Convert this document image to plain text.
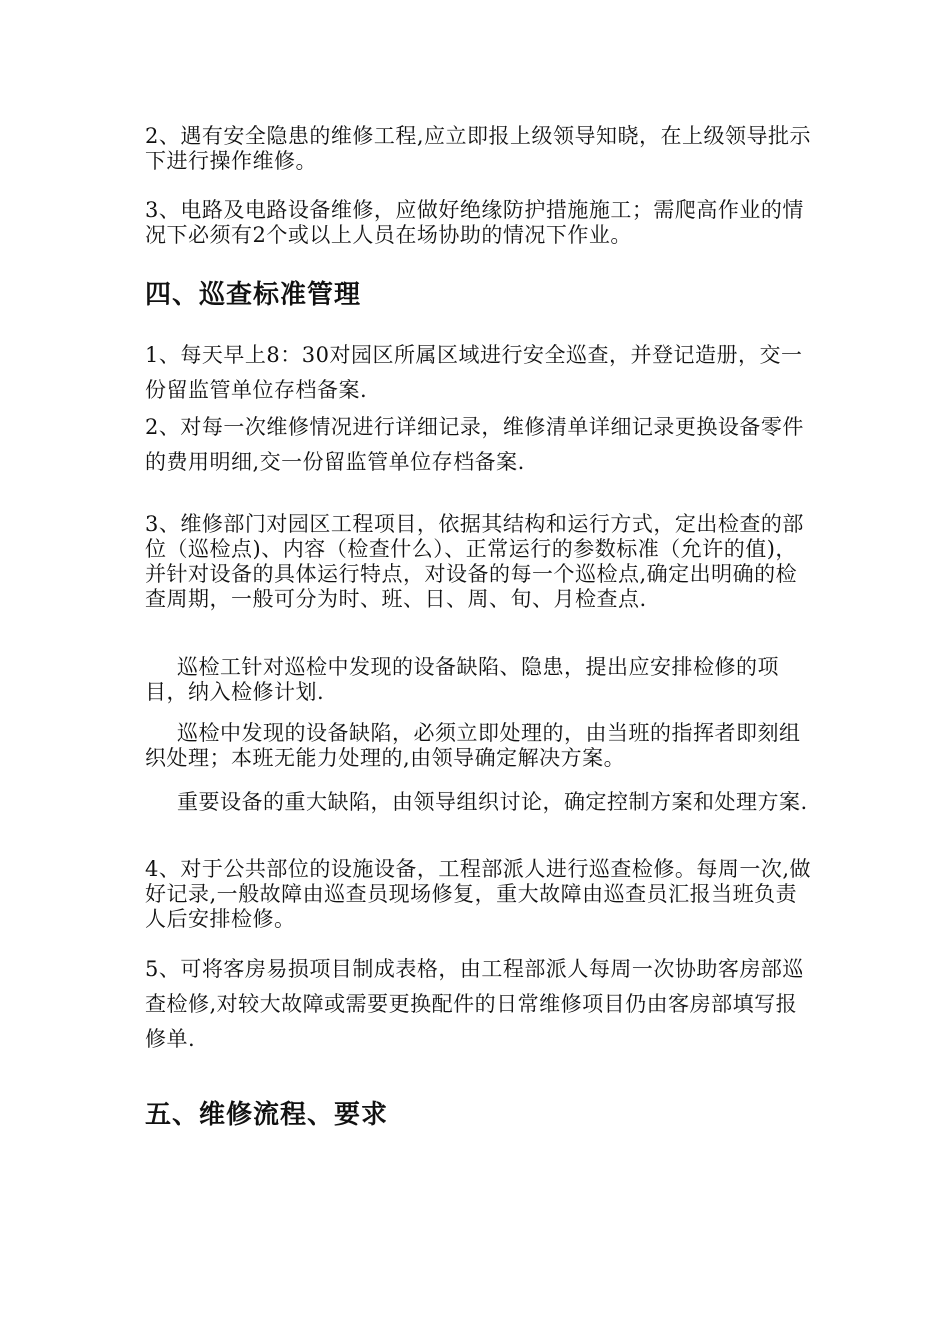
2、遇有安全隐患的维修工程,应立即报上级领导知晓，在上级领导批示下进行操作维修。

3、电路及电路设备维修，应做好绝缘防护措施施工；需爬高作业的情况下必须有2个或以上人员在场协助的情况下作业。

四、巡查标准管理

1、每天早上8：30对园区所属区域进行安全巡查，并登记造册，交一份留监管单位存档备案.

2、对每一次维修情况进行详细记录，维修清单详细记录更换设备零件的费用明细,交一份留监管单位存档备案.

3、维修部门对园区工程项目，依据其结构和运行方式，定出检查的部位（巡检点)、内容（检查什么）、正常运行的参数标准（允许的值)，并针对设备的具体运行特点，对设备的每一个巡检点,确定出明确的检查周期，一般可分为时、班、日、周、旬、月检查点.

巡检工针对巡检中发现的设备缺陷、隐患，提出应安排检修的项目，纳入检修计划.

巡检中发现的设备缺陷，必须立即处理的，由当班的指挥者即刻组织处理；本班无能力处理的,由领导确定解决方案。

重要设备的重大缺陷，由领导组织讨论，确定控制方案和处理方案.

4、对于公共部位的设施设备，工程部派人进行巡查检修。每周一次,做好记录,一般故障由巡查员现场修复，重大故障由巡查员汇报当班负责人后安排检修。

5、可将客房易损项目制成表格，由工程部派人每周一次协助客房部巡查检修,对较大故障或需要更换配件的日常维修项目仍由客房部填写报修单.

五、维修流程、要求
